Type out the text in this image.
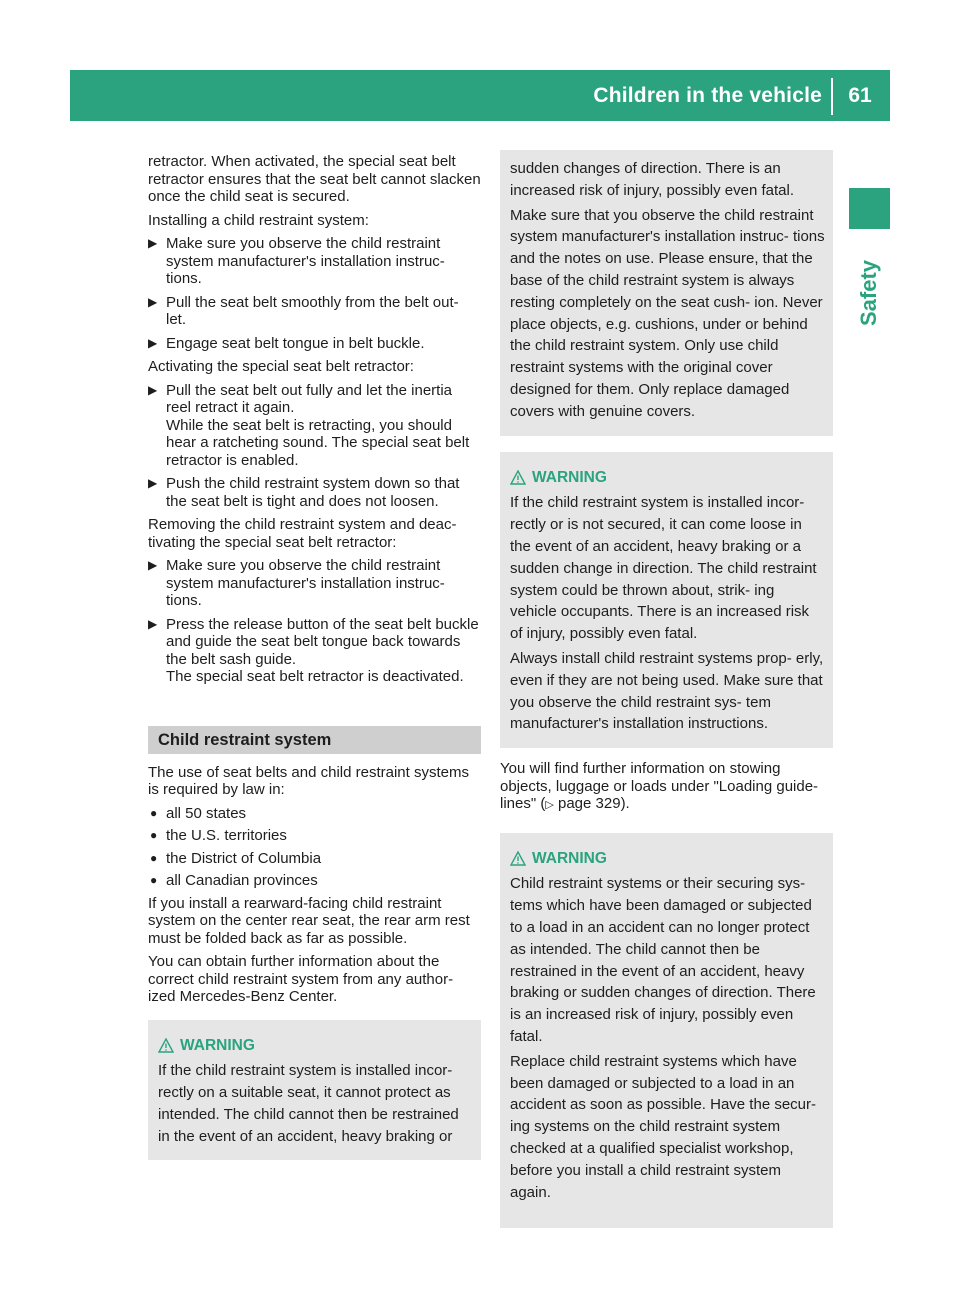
Children in the vehicle	61
Safety

retractor. When activated, the special seat belt retractor ensures that the seat belt cannot slacken once the child seat is secured.

Installing a child restraint system:

▶ Make sure you observe the child restraint system manufacturer's installation instruc- tions.
▶ Pull the seat belt smoothly from the belt out- let.
▶ Engage seat belt tongue in belt buckle.

Activating the special seat belt retractor:

▶ Pull the seat belt out fully and let the inertia reel retract it again.
While the seat belt is retracting, you should hear a ratcheting sound. The special seat belt retractor is enabled.
▶ Push the child restraint system down so that the seat belt is tight and does not loosen.

Removing the child restraint system and deac- tivating the special seat belt retractor:

▶ Make sure you observe the child restraint system manufacturer's installation instruc- tions.
▶ Press the release button of the seat belt buckle and guide the seat belt tongue back towards the belt sash guide.
The special seat belt retractor is deactivated.
Child restraint system

The use of seat belts and child restraint systems is required by law in:

● all 50 states
● the U.S. territories
● the District of Columbia
● all Canadian provinces

If you install a rearward-facing child restraint system on the center rear seat, the rear arm rest must be folded back as far as possible.

You can obtain further information about the correct child restraint system from any author- ized Mercedes-Benz Center.

WARNING

If the child restraint system is installed incor- rectly on a suitable seat, it cannot protect as intended. The child cannot then be restrained in the event of an accident, heavy braking or

sudden changes of direction. There is an increased risk of injury, possibly even fatal.

Make sure that you observe the child restraint system manufacturer's installation instruc- tions and the notes on use. Please ensure, that the base of the child restraint system is always resting completely on the seat cush- ion. Never place objects, e.g. cushions, under or behind the child restraint system. Only use child restraint systems with the original cover designed for them. Only replace damaged covers with genuine covers.

WARNING

If the child restraint system is installed incor- rectly or is not secured, it can come loose in the event of an accident, heavy braking or a sudden change in direction. The child restraint system could be thrown about, strik- ing vehicle occupants. There is an increased risk of injury, possibly even fatal.

Always install child restraint systems prop- erly, even if they are not being used. Make sure that you observe the child restraint sys- tem manufacturer's installation instructions.

You will find further information on stowing objects, luggage or loads under "Loading guide- lines" (▷ page 329).

WARNING

Child restraint systems or their securing sys- tems which have been damaged or subjected to a load in an accident can no longer protect as intended. The child cannot then be restrained in the event of an accident, heavy braking or sudden changes of direction. There is an increased risk of injury, possibly even fatal.

Replace child restraint systems which have been damaged or subjected to a load in an accident as soon as possible. Have the secur- ing systems on the child restraint system checked at a qualified specialist workshop, before you install a child restraint system again.
